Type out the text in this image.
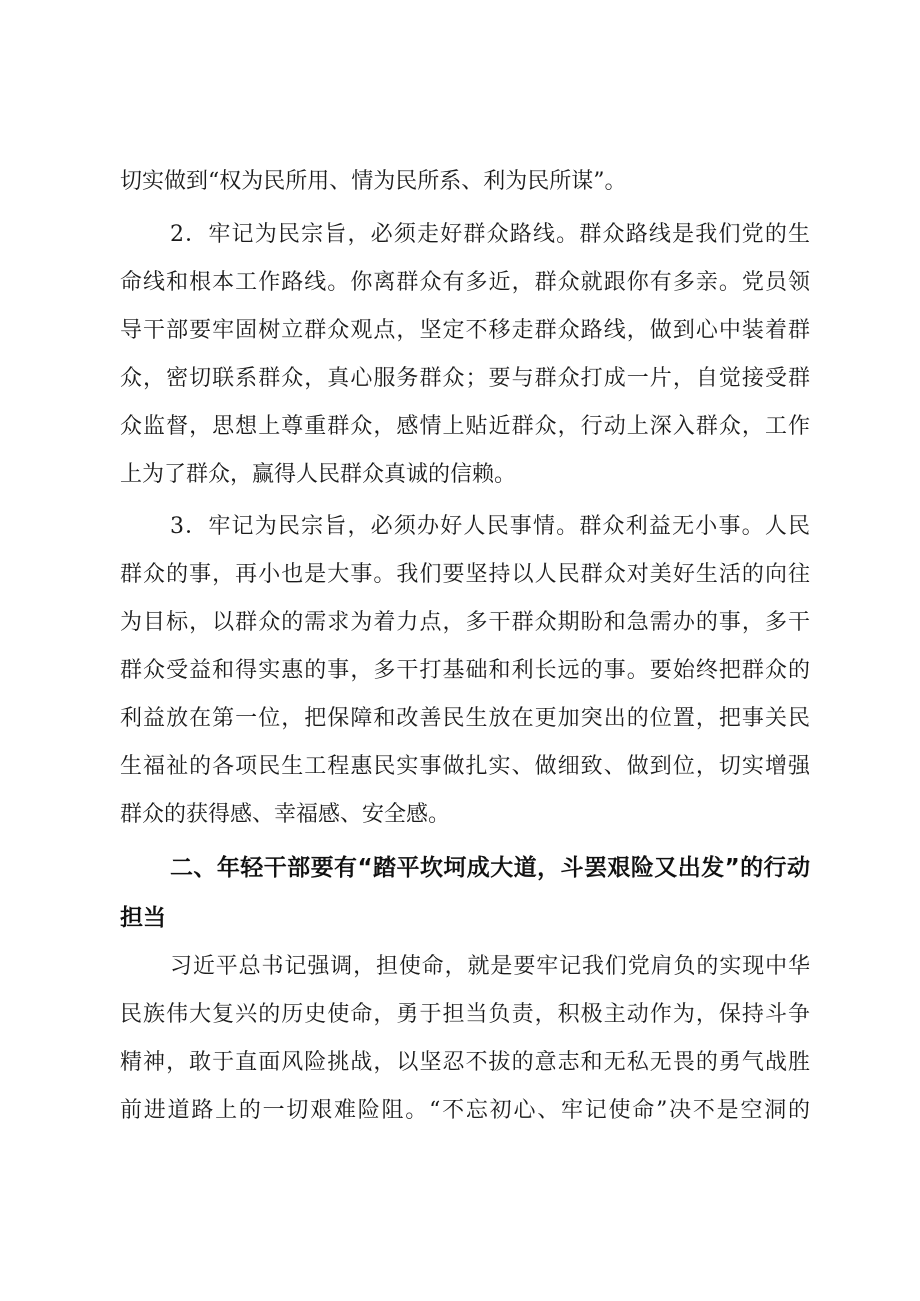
切实做到“权为民所用、情为民所系、利为民所谋”。
2．牢记为民宗旨，必须走好群众路线。群众路线是我们党的生
命线和根本工作路线。你离群众有多近，群众就跟你有多亲。党员领
导干部要牢固树立群众观点，坚定不移走群众路线，做到心中装着群
众，密切联系群众，真心服务群众；要与群众打成一片，自觉接受群
众监督，思想上尊重群众，感情上贴近群众，行动上深入群众，工作
上为了群众，赢得人民群众真诚的信赖。
3．牢记为民宗旨，必须办好人民事情。群众利益无小事。人民
群众的事，再小也是大事。我们要坚持以人民群众对美好生活的向往
为目标，以群众的需求为着力点，多干群众期盼和急需办的事，多干
群众受益和得实惠的事，多干打基础和利长远的事。要始终把群众的
利益放在第一位，把保障和改善民生放在更加突出的位置，把事关民
生福祉的各项民生工程惠民实事做扎实、做细致、做到位，切实增强
群众的获得感、幸福感、安全感。
二、年轻干部要有“踏平坎坷成大道，斗罢艰险又出发”的行动
担当
习近平总书记强调，担使命，就是要牢记我们党肩负的实现中华
民族伟大复兴的历史使命，勇于担当负责，积极主动作为，保持斗争
精神，敢于直面风险挑战，以坚忍不拔的意志和无私无畏的勇气战胜
前进道路上的一切艰难险阻。“不忘初心、牢记使命”决不是空洞的
